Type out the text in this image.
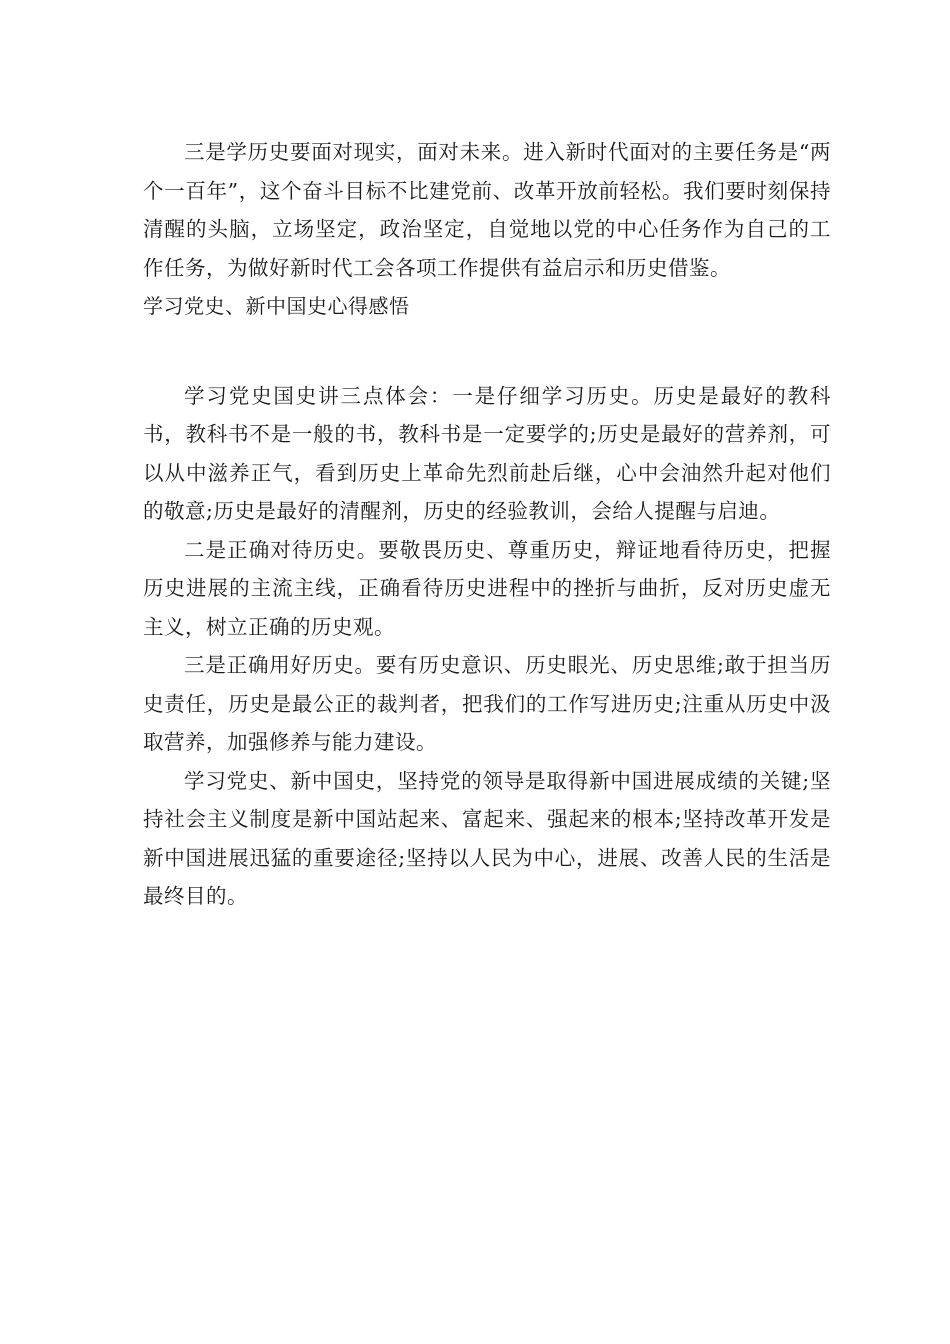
三是学历史要面对现实，面对未来。进入新时代面对的主要任务是“两个一百年”，这个奋斗目标不比建党前、改革开放前轻松。我们要时刻保持清醒的头脑，立场坚定，政治坚定，自觉地以党的中心任务作为自己的工作任务，为做好新时代工会各项工作提供有益启示和历史借鉴。

学习党史、新中国史心得感悟

学习党史国史讲三点体会：一是仔细学习历史。历史是最好的教科书，教科书不是一般的书，教科书是一定要学的;历史是最好的营养剂，可以从中滋养正气，看到历史上革命先烈前赴后继，心中会油然升起对他们的敬意;历史是最好的清醒剂，历史的经验教训，会给人提醒与启迪。

二是正确对待历史。要敬畏历史、尊重历史，辩证地看待历史，把握历史进展的主流主线，正确看待历史进程中的挫折与曲折，反对历史虚无主义，树立正确的历史观。

三是正确用好历史。要有历史意识、历史眼光、历史思维;敢于担当历史责任，历史是最公正的裁判者，把我们的工作写进历史;注重从历史中汲取营养，加强修养与能力建设。

学习党史、新中国史，坚持党的领导是取得新中国进展成绩的关键;坚持社会主义制度是新中国站起来、富起来、强起来的根本;坚持改革开发是新中国进展迅猛的重要途径;坚持以人民为中心，进展、改善人民的生活是最终目的。
